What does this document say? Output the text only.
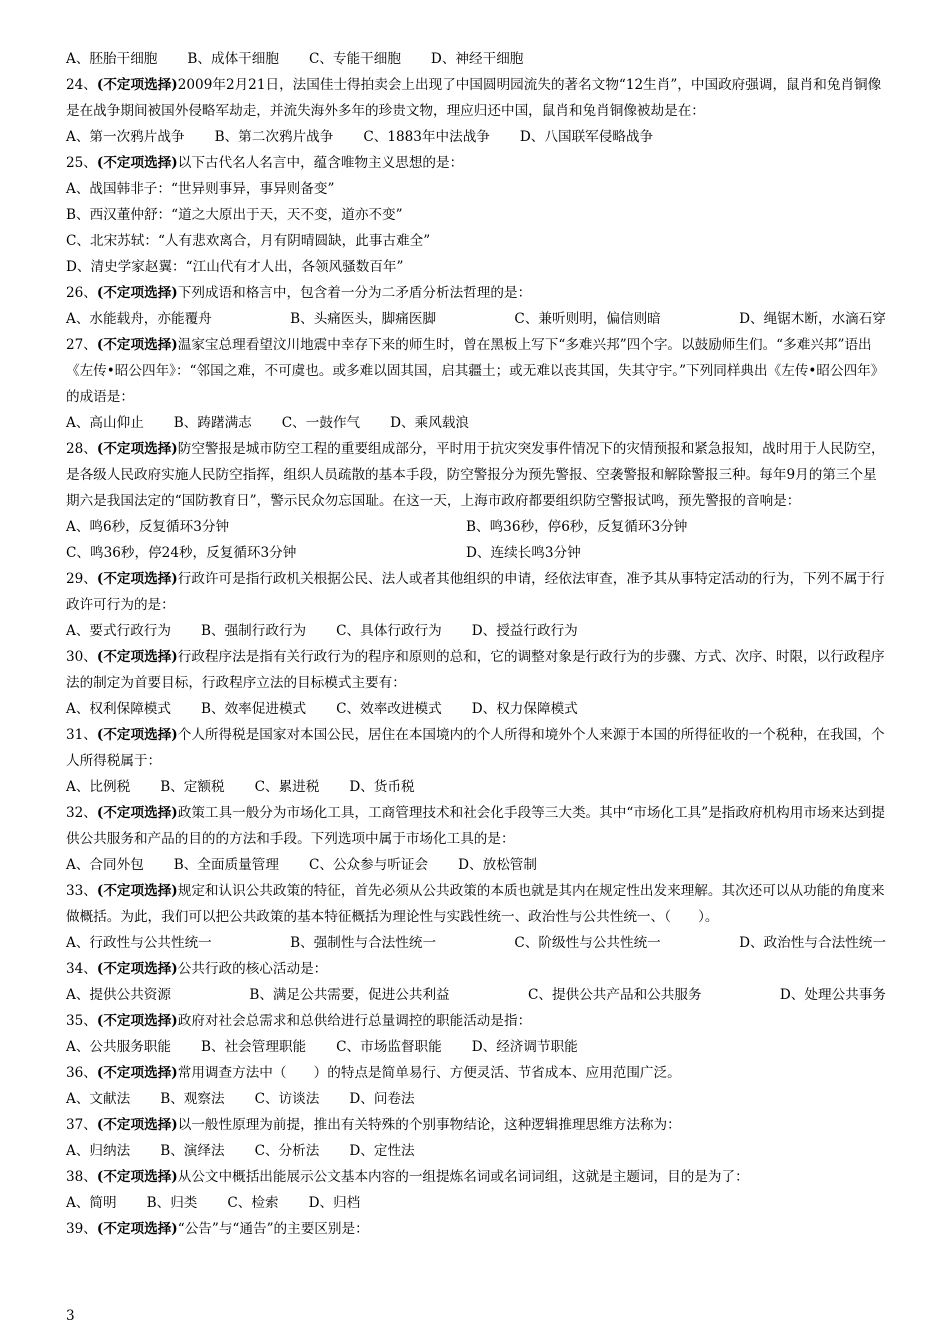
A、胚胎干细胞 B、成体干细胞 C、专能干细胞 D、神经干细胞

24、(不定项选择)2009年2月21日，法国佳士得拍卖会上出现了中国圆明园流失的著名文物“12生肖”，中国政府强调，鼠肖和兔肖铜像是在战争期间被国外侵略军劫走，并流失海外多年的珍贵文物，理应归还中国，鼠肖和兔肖铜像被劫是在：

A、第一次鸦片战争 B、第二次鸦片战争 C、1883年中法战争 D、八国联军侵略战争

25、(不定项选择)以下古代名人名言中，蕴含唯物主义思想的是：

A、战国韩非子：“世异则事异，事异则备变”
B、西汉董仲舒：“道之大原出于天，天不变，道亦不变”
C、北宋苏轼：“人有悲欢离合，月有阴晴圆缺，此事古难全”
D、清史学家赵翼：“江山代有才人出，各领风骚数百年”

26、(不定项选择)下列成语和格言中，包含着一分为二矛盾分析法哲理的是：

A、水能载舟，亦能覆舟	B、头痛医头，脚痛医脚	C、兼听则明，偏信则暗	D、绳锯木断，水滴石穿

27、(不定项选择)温家宝总理看望汶川地震中幸存下来的师生时，曾在黑板上写下“多难兴邦”四个字。以鼓励师生们。“多难兴邦”语出《左传•昭公四年》：“邻国之难，不可虞也。或多难以固其国，启其疆土；或无难以丧其国，失其守宇。”下列同样典出《左传•昭公四年》的成语是：

A、高山仰止 B、踌躇满志 C、一鼓作气 D、乘风载浪

28、(不定项选择)防空警报是城市防空工程的重要组成部分，平时用于抗灾突发事件情况下的灾情预报和紧急报知，战时用于人民防空，是各级人民政府实施人民防空指挥，组织人员疏散的基本手段，防空警报分为预先警报、空袭警报和解除警报三种。每年9月的第三个星期六是我国法定的“国防教育日”，警示民众勿忘国耻。在这一天，上海市政府都要组织防空警报试鸣，预先警报的音响是：

A、鸣6秒，反复循环3分钟	B、鸣36秒，停6秒，反复循环3分钟
C、鸣36秒，停24秒，反复循环3分钟	D、连续长鸣3分钟

29、(不定项选择)行政许可是指行政机关根据公民、法人或者其他组织的申请，经依法审查，准予其从事特定活动的行为，下列不属于行政许可行为的是：

A、要式行政行为 B、强制行政行为 C、具体行政行为 D、授益行政行为

30、(不定项选择)行政程序法是指有关行政行为的程序和原则的总和，它的调整对象是行政行为的步骤、方式、次序、时限，以行政程序法的制定为首要目标，行政程序立法的目标模式主要有：

A、权利保障模式 B、效率促进模式 C、效率改进模式 D、权力保障模式

31、(不定项选择)个人所得税是国家对本国公民，居住在本国境内的个人所得和境外个人来源于本国的所得征收的一个税种，在我国，个人所得税属于：

A、比例税 B、定额税 C、累进税 D、货币税

32、(不定项选择)政策工具一般分为市场化工具，工商管理技术和社会化手段等三大类。其中“市场化工具”是指政府机构用市场来达到提供公共服务和产品的目的的方法和手段。下列选项中属于市场化工具的是：

A、合同外包 B、全面质量管理 C、公众参与听证会 D、放松管制

33、(不定项选择)规定和认识公共政策的特征，首先必须从公共政策的本质也就是其内在规定性出发来理解。其次还可以从功能的角度来做概括。为此，我们可以把公共政策的基本特征概括为理论性与实践性统一、政治性与公共性统一、（　　）。

A、行政性与公共性统一	B、强制性与合法性统一	C、阶级性与公共性统一	D、政治性与合法性统一

34、(不定项选择)公共行政的核心活动是：

A、提供公共资源	B、满足公共需要，促进公共利益	C、提供公共产品和公共服务	D、处理公共事务

35、(不定项选择)政府对社会总需求和总供给进行总量调控的职能活动是指：

A、公共服务职能 B、社会管理职能 C、市场监督职能 D、经济调节职能

36、(不定项选择)常用调查方法中（　　）的特点是简单易行、方便灵活、节省成本、应用范围广泛。

A、文献法 B、观察法 C、访谈法 D、问卷法

37、(不定项选择)以一般性原理为前提，推出有关特殊的个别事物结论，这种逻辑推理思维方法称为：

A、归纳法 B、演绎法 C、分析法 D、定性法

38、(不定项选择)从公文中概括出能展示公文基本内容的一组提炼名词或名词词组，这就是主题词，目的是为了：

A、简明 B、归类 C、检索 D、归档

39、(不定项选择)“公告”与“通告”的主要区别是：

3
